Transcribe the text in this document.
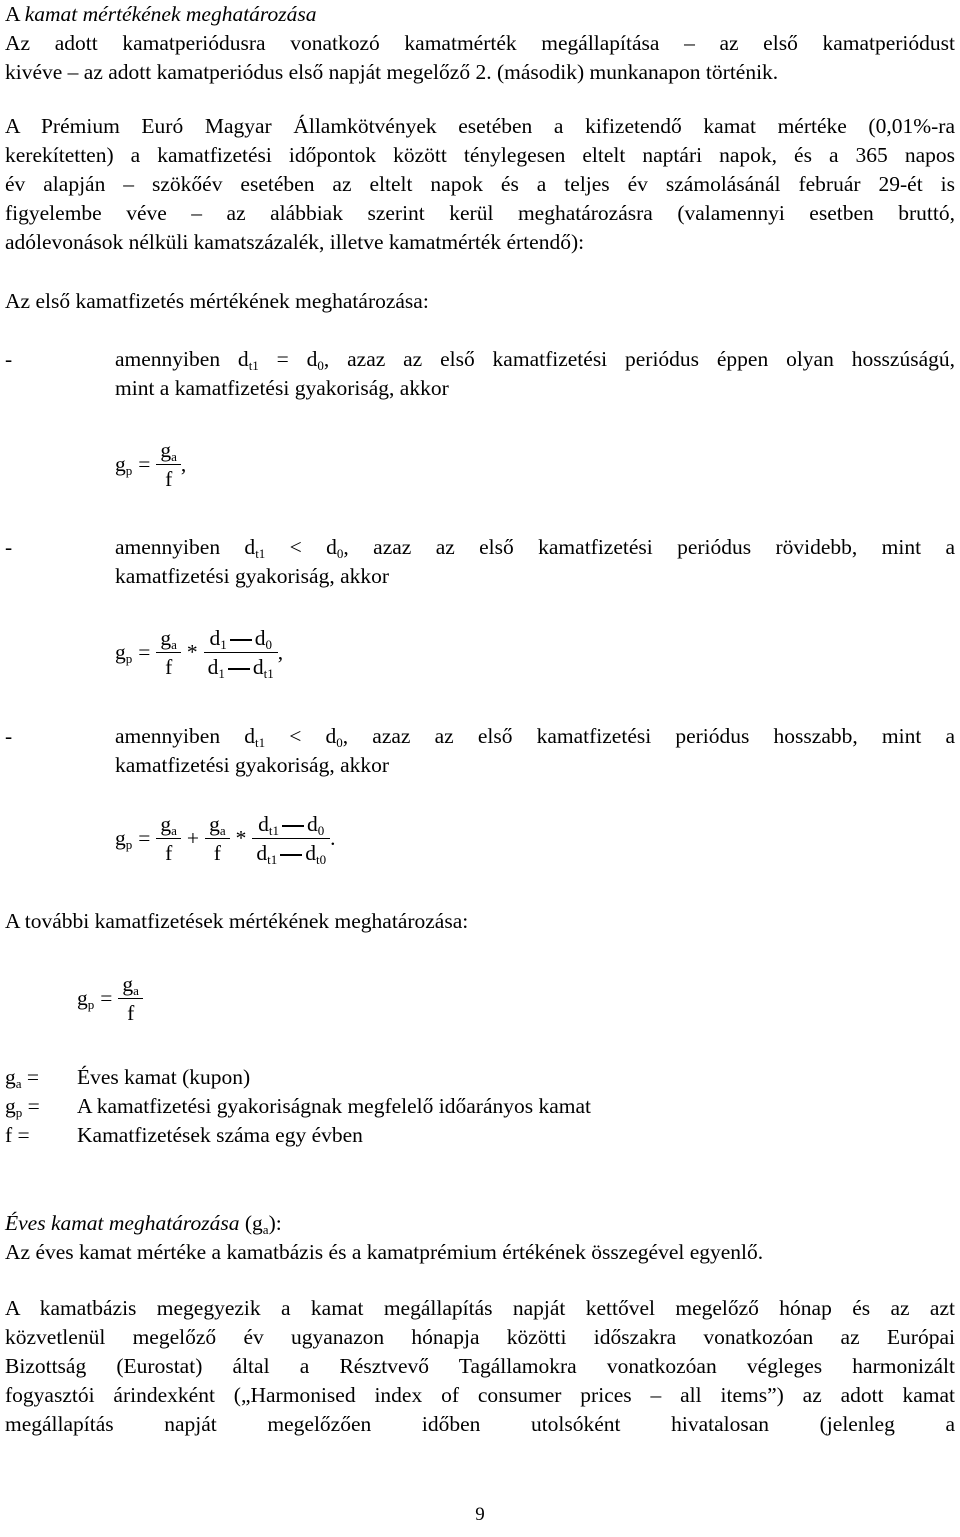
A kamat mértékének meghatározása

Az adott kamatperiódusra vonatkozó kamatmérték megállapítása – az első kamatperiódust

kivéve – az adott kamatperiódus első napját megelőző 2. (második) munkanapon történik.

A Prémium Euró Magyar Államkötvények esetében a kifizetendő kamat mértéke (0,01%-ra

kerekítetten) a kamatfizetési időpontok között ténylegesen eltelt naptári napok, és a 365 napos

év alapján – szökőév esetében az eltelt napok és a teljes év számolásánál február 29-ét is

figyelembe véve – az alábbiak szerint kerül meghatározásra (valamennyi esetben bruttó,

adólevonások nélküli kamatszázalék, illetve kamatmérték értendő):

Az első kamatfizetés mértékének meghatározása:

-	amennyiben $d_{t1} = d_0$, azaz az első kamatfizetési periódus éppen olyan hosszúságú,

mint a kamatfizetési gyakoriság, akkor

$g_p = \frac{g_a}{f}$ ,
-	amennyiben $d_{t1} < d_0$, azaz az első kamatfizetési periódus rövidebb, mint a

kamatfizetési gyakoriság, akkor

$g_p = \frac{g_a}{f} * \frac{d_1 d_0}{d_1 d_{t1}}$ ,
-	amennyiben $d_{t1} < d_0$, azaz az első kamatfizetési periódus hosszabb, mint a

kamatfizetési gyakoriság, akkor

$g_p = \frac{g_a}{f} + \frac{g_a}{f} * \frac{d_{t1} d_0}{d_{t1} d_{t0}}$ .

A további kamatfizetések mértékének meghatározása:

$g_p = \frac{g_a}{f}$
$g_a$ =	Éves kamat (kupon)
$g_p$ =	A kamatfizetési gyakoriságnak megfelelő időarányos kamat
f =	Kamatfizetések száma egy évben

Éves kamat meghatározása $(g_a)$:

Az éves kamat mértéke a kamatbázis és a kamatprémium értékének összegével egyenlő.

A kamatbázis megegyezik a kamat megállapítás napját kettővel megelőző hónap és az azt

közvetlenül megelőző év ugyanazon hónapja közötti időszakra vonatkozóan az Európai

Bizottság (Eurostat) által a Résztvevő Tagállamokra vonatkozóan végleges harmonizált

fogyasztói árindexként („Harmonised index of consumer prices – all items”) az adott kamat

megállapítás napját megelőzően időben utolsóként hivatalosan (jelenleg a

9
